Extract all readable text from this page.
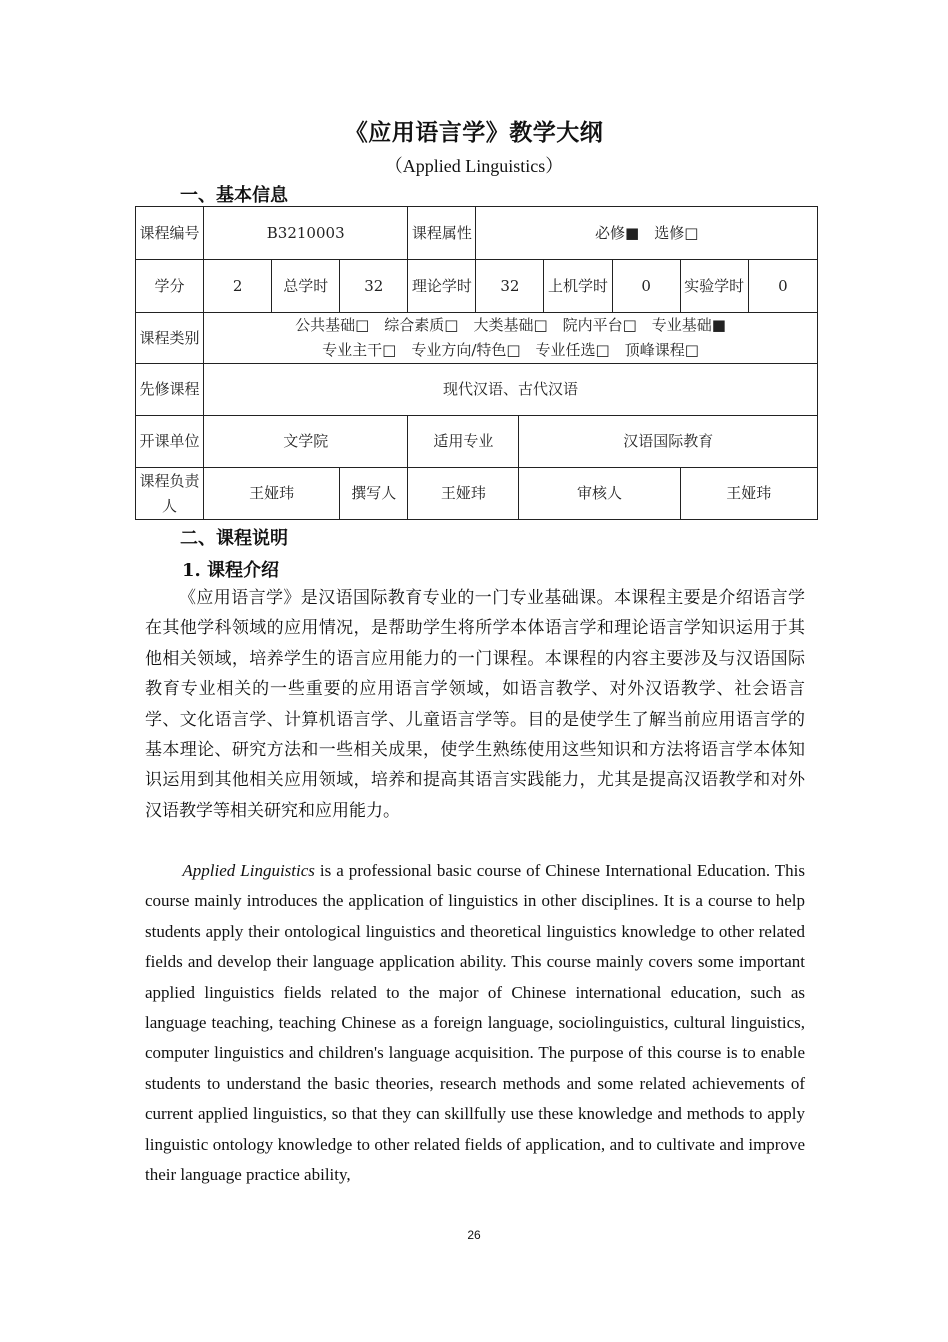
《应用语言学》教学大纲
（Applied Linguistics）
一、基本信息
课程编号	B3210003			课程属性	必修■　选修□					
学分	2	总学时	32	理论学时	32		上机学时	0	实验学时	0
课程类别	公共基础□　综合素质□　大类基础□　院内平台□　专业基础■
专业主干□　专业方向/特色□　专业任选□　顶峰课程□									

先修课程	现代汉语、古代汉语									
开课单位	文学院			适用专业		汉语国际教育				
课程负责人	王娅玮		撰写人	王娅玮		审核人			王娅玮	
二、课程说明
1. 课程介绍
《应用语言学》是汉语国际教育专业的一门专业基础课。本课程主要是介绍语言学在其他学科领域的应用情况，是帮助学生将所学本体语言学和理论语言学知识运用于其他相关领域，培养学生的语言应用能力的一门课程。本课程的内容主要涉及与汉语国际教育专业相关的一些重要的应用语言学领域，如语言教学、对外汉语教学、社会语言学、文化语言学、计算机语言学、儿童语言学等。目的是使学生了解当前应用语言学的基本理论、研究方法和一些相关成果，使学生熟练使用这些知识和方法将语言学本体知识运用到其他相关应用领域，培养和提高其语言实践能力，尤其是提高汉语教学和对外汉语教学等相关研究和应用能力。
Applied Linguistics is a professional basic course of Chinese International Education. This course mainly introduces the application of linguistics in other disciplines. It is a course to help students apply their ontological linguistics and theoretical linguistics knowledge to other related fields and develop their language application ability. This course mainly covers some important applied linguistics fields related to the major of Chinese international education, such as language teaching, teaching Chinese as a foreign language, sociolinguistics, cultural linguistics, computer linguistics and children's language acquisition. The purpose of this course is to enable students to understand the basic theories, research methods and some related achievements of current applied linguistics, so that they can skillfully use these knowledge and methods to apply linguistic ontology knowledge to other related fields of application, and to cultivate and improve their language practice ability,
26
